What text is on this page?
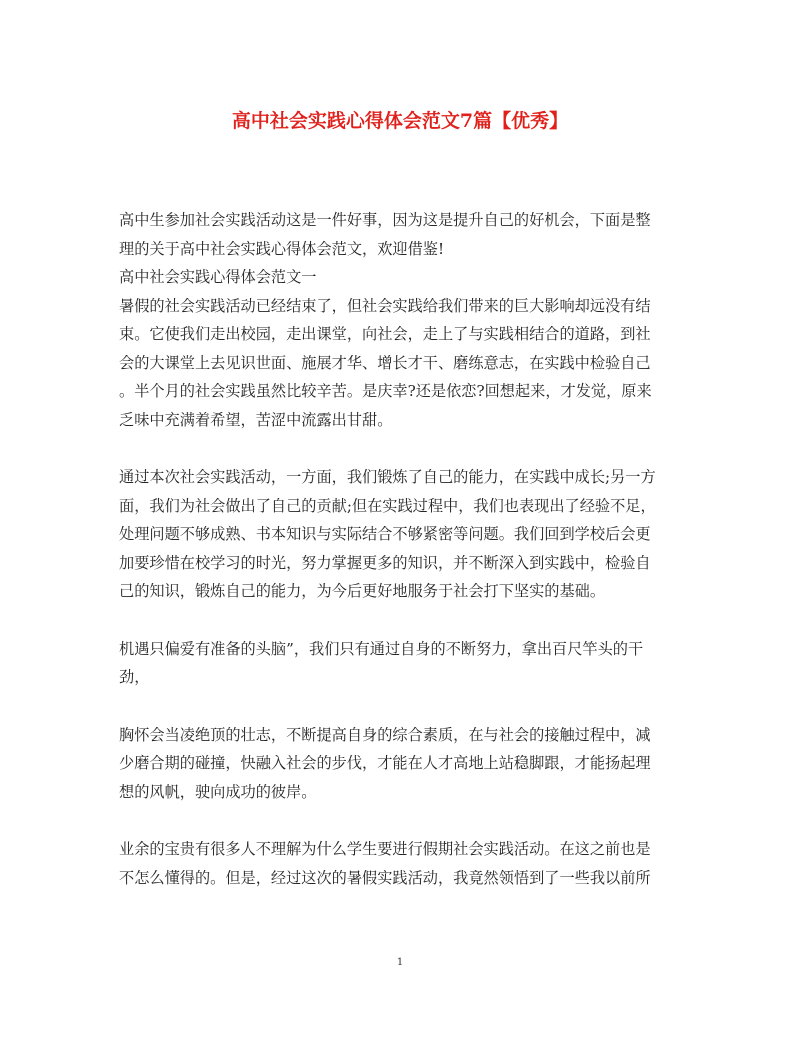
高中社会实践心得体会范文7篇【优秀】
高中生参加社会实践活动这是一件好事，因为这是提升自己的好机会，下面是整
理的关于高中社会实践心得体会范文，欢迎借鉴!
高中社会实践心得体会范文一
暑假的社会实践活动已经结束了，但社会实践给我们带来的巨大影响却远没有结
束。它使我们走出校园，走出课堂，向社会，走上了与实践相结合的道路，到社
会的大课堂上去见识世面、施展才华、增长才干、磨练意志，在实践中检验自己
。半个月的社会实践虽然比较辛苦。是庆幸?还是依恋?回想起来，才发觉，原来
乏味中充满着希望，苦涩中流露出甘甜。
通过本次社会实践活动，一方面，我们锻炼了自己的能力，在实践中成长;另一方
面，我们为社会做出了自己的贡献;但在实践过程中，我们也表现出了经验不足，
处理问题不够成熟、书本知识与实际结合不够紧密等问题。我们回到学校后会更
加要珍惜在校学习的时光，努力掌握更多的知识，并不断深入到实践中，检验自
己的知识，锻炼自己的能力，为今后更好地服务于社会打下坚实的基础。
机遇只偏爱有准备的头脑”，我们只有通过自身的不断努力，拿出百尺竿头的干
劲，
胸怀会当凌绝顶的壮志，不断提高自身的综合素质，在与社会的接触过程中，减
少磨合期的碰撞，快融入社会的步伐，才能在人才高地上站稳脚跟，才能扬起理
想的风帆，驶向成功的彼岸。
业余的宝贵有很多人不理解为什么学生要进行假期社会实践活动。在这之前也是
不怎么懂得的。但是，经过这次的暑假实践活动，我竟然领悟到了一些我以前所
1
